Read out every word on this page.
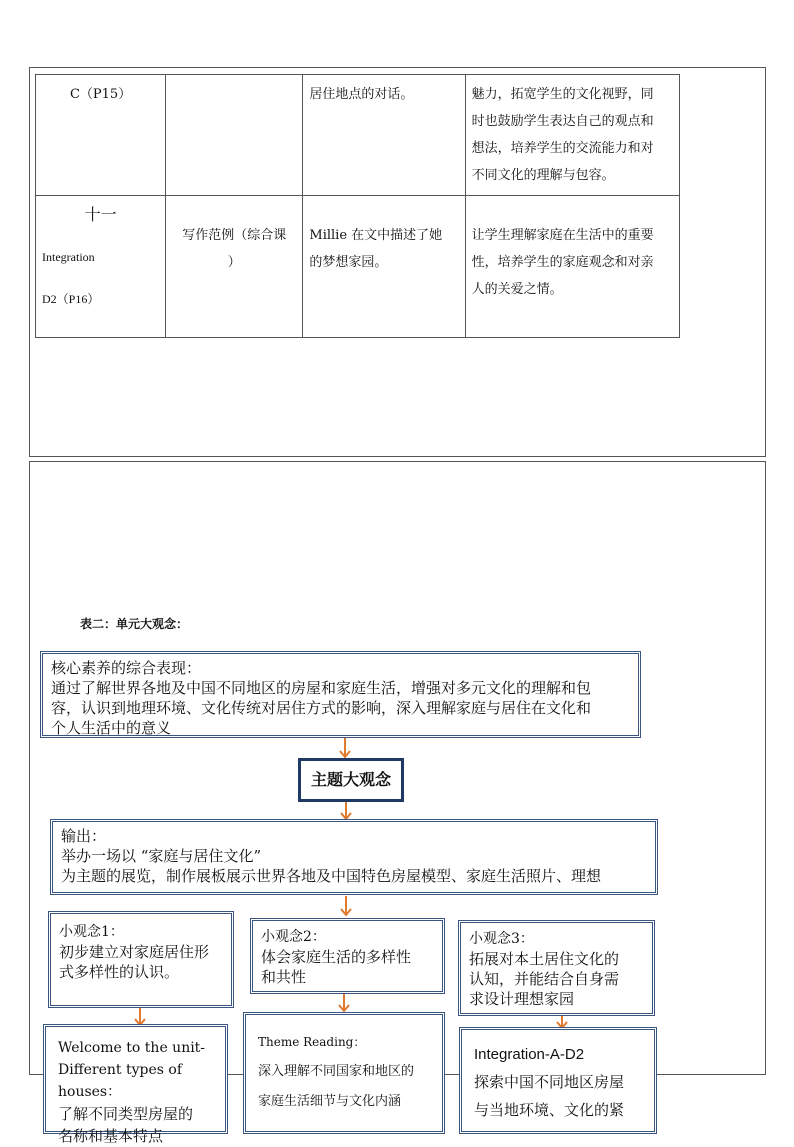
C（P15）		居住地点的对话。	魅力，拓宽学生的文化视野，同
时也鼓励学生表达自己的观点和
想法，培养学生的交流能力和对
不同文化的理解与包容。

十一
Integration
D2（P16）	写作范例（综合课
）	Millie 在文中描述了她
的梦想家园。	让学生理解家庭在生活中的重要
性，培养学生的家庭观念和对亲
人的关爱之情。
表二：单元大观念：
核心素养的综合表现：
通过了解世界各地及中国不同地区的房屋和家庭生活，增强对多元文化的理解和包
容，认识到地理环境、文化传统对居住方式的影响，深入理解家庭与居住在文化和
个人生活中的意义
主题大观念
输出：
举办一场以 “家庭与居住文化”
为主题的展览，制作展板展示世界各地及中国特色房屋模型、家庭生活照片、理想
小观念1：
初步建立对家庭居住形
式多样性的认识。
小观念2：
体会家庭生活的多样性
和共性
小观念3：
拓展对本土居住文化的
认知，并能结合自身需
求设计理想家园
Welcome to the unit-
Different types of
houses：
了解不同类型房屋的
名称和基本特点
Theme Reading：
深入理解不同国家和地区的
家庭生活细节与文化内涵
Integration-A-D2
探索中国不同地区房屋
与当地环境、文化的紧
